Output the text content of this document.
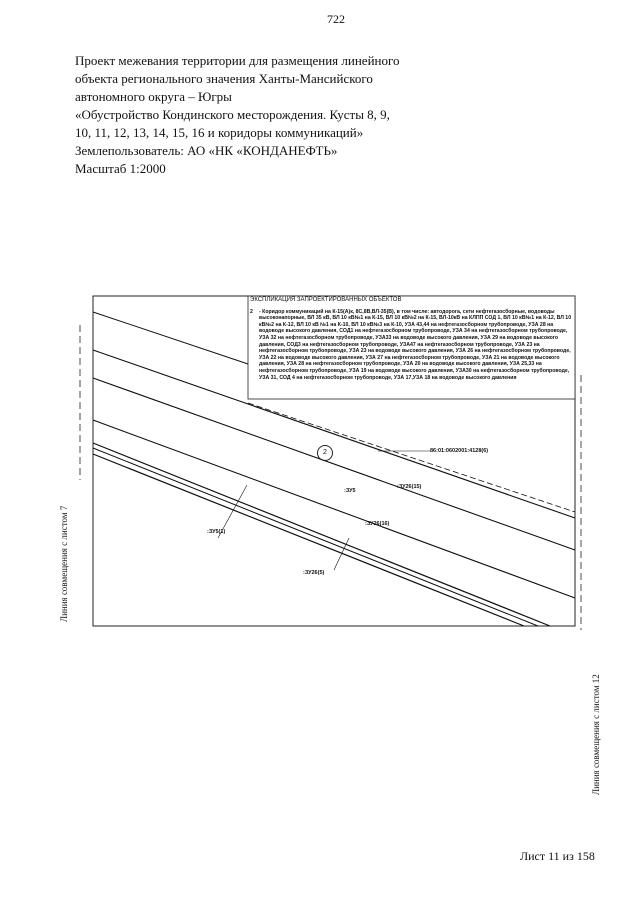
722
Проект межевания территории для размещения линейного
объекта регионального значения Ханты-Мансийского
автономного округа – Югры
«Обустройство Кондинского месторождения. Кусты 8, 9,
10, 11, 12, 13, 14, 15, 16 и коридоры коммуникаций»
Землепользователь: АО «НК «КОНДАНЕФТЬ»
Масштаб 1:2000
ЭКСПЛИКАЦИЯ ЗАПРОЕКТИРОВАННЫХ ОБЪЕКТОВ
2	- Коридор коммуникаций на К-15(А)к, 8С,8В,ВЛ-35(В), в том числе: автодорога, сети нефтегазосборные, водоводы высоконапорные, ВЛ 35 кВ, ВЛ 10 кВ№1 на К-15, ВЛ 10 кВ№2 на К-15, ВЛ-10кВ на КЛПП СОД 1, ВЛ 10 кВ№1 на К-12, ВЛ 10 кВ№2 на К-12, ВЛ 10 кВ №1 на К-10, ВЛ 10 кВ№3 на К-10, УЗА 43,44 на нефтегазосборном трубопроводе, УЗА 28 на водоводе высокого давления, СОД1 на нефтегазосборном трубопроводе, УЗА 34 на нефтегазосборном трубопроводе, УЗА 32 на нефтегазосборном трубопроводе, УЗА33 на водоводе высокого давления, УЗА 29 на водоводе высокого давления, СОД3 на нефтегазосборном трубопроводе, УЗА47 на нефтегазосборном трубопроводе, УЗА 23 на нефтегазосборном трубопроводе, УЗА 23 на водоводе высокого давления, УЗА 26 на нефтегазосборном трубопроводе, УЗА 22 на водоводе высокого давления, УЗА 27 на нефтегазосборном трубопроводе, УЗА 21 на водоводе высокого давления, УЗА 28 на нефтегазосборном трубопроводе, УЗА 20 на водоводе высокого давления, УЗА 25,33 на нефтегазосборном трубопроводе, УЗА 19 на водоводе высокого давления, УЗА30 на нефтегазосборном трубопроводе, УЗА 31, СОД 4 на нефтегазосборном трубопроводе, УЗА 17,УЗА 18 на водоводе высокого давления
86:01:0602001:4128(6)
2
:ЗУ5
:ЗУ26(15)
:ЗУ26(16)
:ЗУ5(1)
:ЗУ26(5)
Линия совмещения с листом 7
Линия совмещения с листом 12
Лист 11 из 158
